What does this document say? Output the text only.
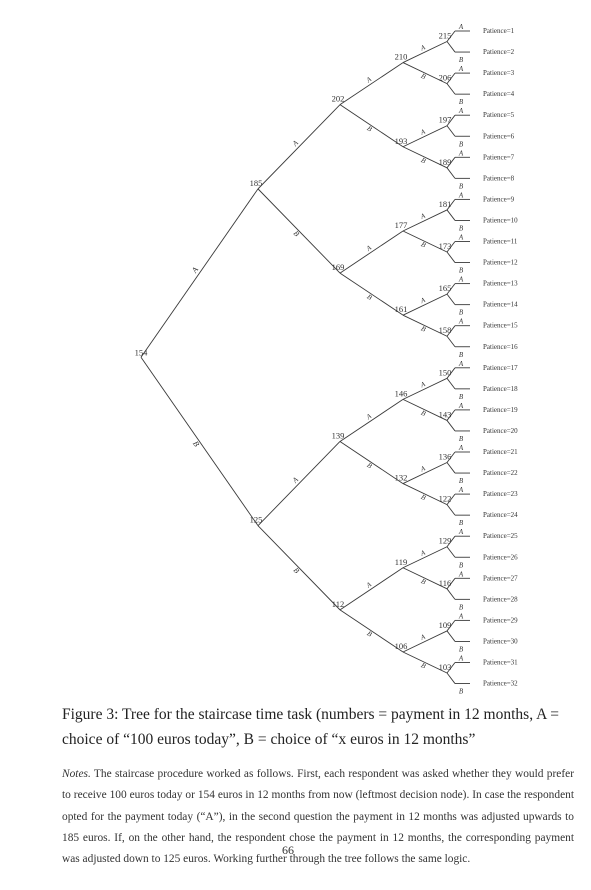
A
B
A
B
A
B
A
B
A
B
A
B
A
B
A
B
A
B
A
B
A
B
A
B
A
B
A
B
A
B
A
B
A
B
A
B
A
B
A
B
A
B
A
B
A
B
A
B
A
B
A
B
A
B
A
B
A
B
A
B
A
B
154
185
125
202
169
139
112
210
193
177
161
146
132
119
106
215
206
197
189
181
173
165
158
150
143
136
122
129
116
109
103
Patience=1
Patience=2
Patience=3
Patience=4
Patience=5
Patience=6
Patience=7
Patience=8
Patience=9
Patience=10
Patience=11
Patience=12
Patience=13
Patience=14
Patience=15
Patience=16
Patience=17
Patience=18
Patience=19
Patience=20
Patience=21
Patience=22
Patience=23
Patience=24
Patience=25
Patience=26
Patience=27
Patience=28
Patience=29
Patience=30
Patience=31
Patience=32
Figure 3: Tree for the staircase time task (numbers = payment in 12 months, A = choice of “100 euros today”, B = choice of “x euros in 12 months”
Notes. The staircase procedure worked as follows. First, each respondent was asked whether they would prefer to receive 100 euros today or 154 euros in 12 months from now (leftmost decision node). In case the respondent opted for the payment today (“A”), in the second question the payment in 12 months was adjusted upwards to 185 euros. If, on the other hand, the respondent chose the payment in 12 months, the corresponding payment was adjusted down to 125 euros. Working further through the tree follows the same logic.
66
